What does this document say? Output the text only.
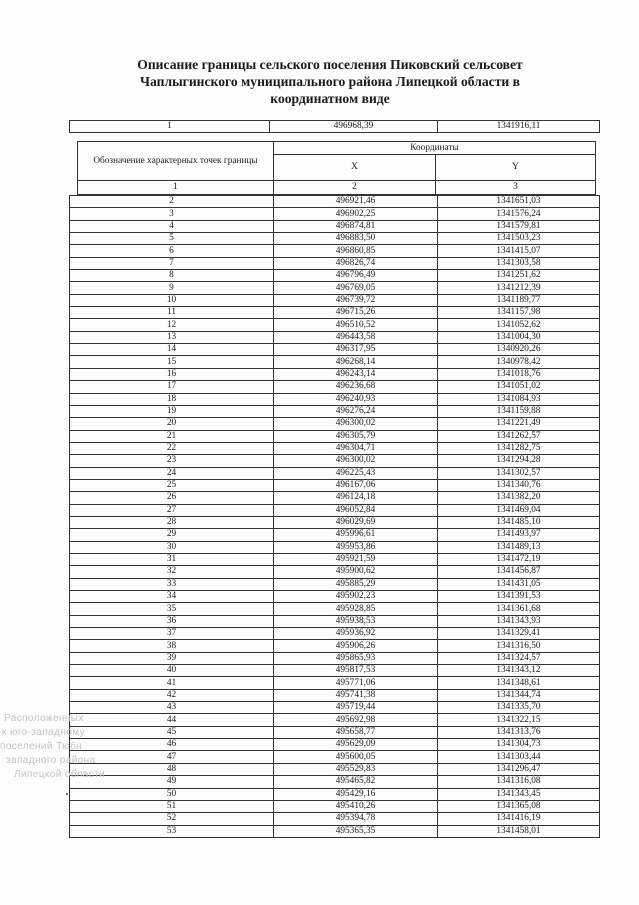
Описание границы сельского поселения Пиковский сельсовет
Чаплыгинского муниципального района Липецкой области в
координатном виде
1	496968,39	1341916,11
Обозначение характерных точек границы	Координаты	
	X	Y
1	2	3
2	496921,46	1341651,03
3	496902,25	1341576,24
4	496874,81	1341579,81
5	496883,50	1341503,23
6	496860,85	1341415,07
7	496826,74	1341303,58
8	496796,49	1341251,62
9	496769,05	1341212,39
10	496739,72	1341189,77
11	496715,26	1341157,98
12	496510,52	1341052,62
13	496443,58	1341004,30
14	496317,95	1340920,26
15	496268,14	1340978,42
16	496243,14	1341018,76
17	496236,68	1341051,02
18	496240,93	1341084,93
19	496276,24	1341159,88
20	496300,02	1341221,49
21	496305,79	1341262,57
22	496304,71	1341282,75
23	496300,02	1341294,28
24	496225,43	1341302,57
25	496167,06	1341340,76
26	496124,18	1341382,20
27	496052,84	1341469,04
28	496029,69	1341485,10
29	495996,61	1341493,97
30	495953,86	1341489,13
31	495921,59	1341472,19
32	495900,62	1341456,87
33	495885,29	1341431,05
34	495902,23	1341391,53
35	495928,85	1341361,68
36	495938,53	1341343,93
37	495936,92	1341329,41
38	495906,26	1341316,50
39	495865,93	1341324,57
40	495817,53	1341343,12
41	495771,06	1341348,61
42	495741,38	1341344,74
43	495719,44	1341335,70
44	495692,98	1341322,15
45	495658,77	1341313,76
46	495629,09	1341304,73
47	495600,05	1341303,44
48	495529,83	1341296,47
49	495465,82	1341316,08
50	495429,16	1341343,45
51	495410,26	1341365,08
52	495394,78	1341416,19
53	495365,35	1341458,01
Расположенных
к юго-западному
поселений Тюбн
западного района
Липецкой области
